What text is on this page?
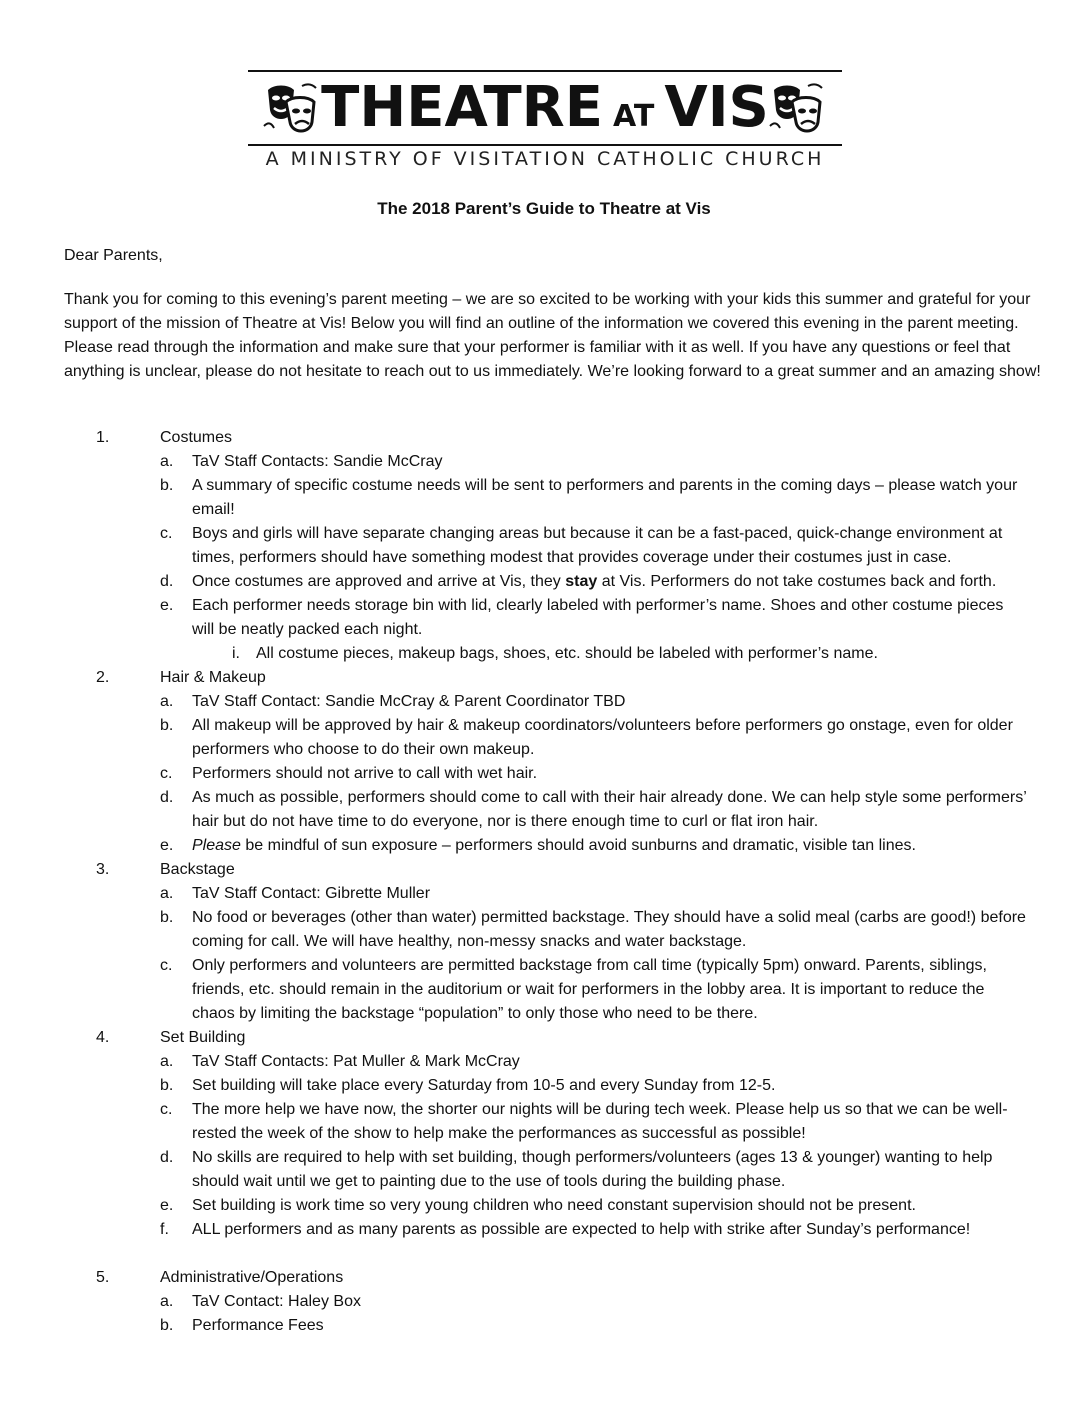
THEATRE AT VIS
A MINISTRY OF VISITATION CATHOLIC CHURCH
The 2018 Parent’s Guide to Theatre at Vis

Dear Parents,

Thank you for coming to this evening’s parent meeting – we are so excited to be working with your kids this summer and grateful for your support of the mission of Theatre at Vis! Below you will find an outline of the information we covered this evening in the parent meeting. Please read through the information and make sure that your performer is familiar with it as well. If you have any questions or feel that anything is unclear, please do not hesitate to reach out to us immediately. We’re looking forward to a great summer and an amazing show!

1.	Costumes
a. TaV Staff Contacts: Sandie McCray
b. A summary of specific costume needs will be sent to performers and parents in the coming days – please watch your email!
c. Boys and girls will have separate changing areas but because it can be a fast-paced, quick-change environment at times, performers should have something modest that provides coverage under their costumes just in case.
d. Once costumes are approved and arrive at Vis, they stay at Vis. Performers do not take costumes back and forth.
e. Each performer needs storage bin with lid, clearly labeled with performer’s name. Shoes and other costume pieces will be neatly packed each night.
i. All costume pieces, makeup bags, shoes, etc. should be labeled with performer’s name.
2.	Hair & Makeup
a. TaV Staff Contact: Sandie McCray & Parent Coordinator TBD
b. All makeup will be approved by hair & makeup coordinators/volunteers before performers go onstage, even for older performers who choose to do their own makeup.
c. Performers should not arrive to call with wet hair.
d. As much as possible, performers should come to call with their hair already done. We can help style some performers’ hair but do not have time to do everyone, nor is there enough time to curl or flat iron hair.
e. Please be mindful of sun exposure – performers should avoid sunburns and dramatic, visible tan lines.
3.	Backstage
a. TaV Staff Contact: Gibrette Muller
b. No food or beverages (other than water) permitted backstage. They should have a solid meal (carbs are good!) before coming for call. We will have healthy, non-messy snacks and water backstage.
c. Only performers and volunteers are permitted backstage from call time (typically 5pm) onward. Parents, siblings, friends, etc. should remain in the auditorium or wait for performers in the lobby area. It is important to reduce the chaos by limiting the backstage “population” to only those who need to be there.
4.	Set Building
a. TaV Staff Contacts: Pat Muller & Mark McCray
b. Set building will take place every Saturday from 10-5 and every Sunday from 12-5.
c. The more help we have now, the shorter our nights will be during tech week. Please help us so that we can be well-rested the week of the show to help make the performances as successful as possible!
d. No skills are required to help with set building, though performers/volunteers (ages 13 & younger) wanting to help should wait until we get to painting due to the use of tools during the building phase.
e. Set building is work time so very young children who need constant supervision should not be present.
f. ALL performers and as many parents as possible are expected to help with strike after Sunday’s performance!
5.	Administrative/Operations
a. TaV Contact: Haley Box
b. Performance Fees
